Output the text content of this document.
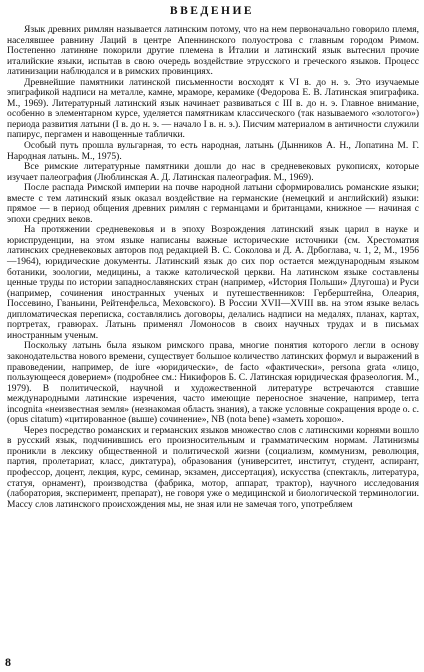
ВВЕДЕНИЕ

Язык древних римлян называется латинским потому, что на нем первоначально говорило племя, населявшее равнину Лаций в центре Апеннинского полуострова с главным городом Римом. Постепенно латиняне покорили другие племена в Италии и латинский язык вытеснил прочие италийские языки, испытав в свою очередь воздействие этрусского и греческого языков. Процесс латинизации наблюдался и в римских провинциях.

Древнейшие памятники латинской письменности восходят к VI в. до н. э. Это изучаемые эпиграфикой надписи на металле, камне, мраморе, керамике (Федорова Е. В. Латинская эпиграфика. М., 1969). Литературный латинский язык начинает развиваться с III в. до н. э. Главное внимание, особенно в элементарном курсе, уделяется памятникам классического (так называемого «золотого») периода развития латыни (I в. до н. э. — начало I в. н. э.). Писчим материалом в античности служили папирус, пергамен и навощенные таблички.

Особый путь прошла вульгарная, то есть народная, латынь (Дынников А. Н., Лопатина М. Г. Народная латынь. М., 1975).

Все римские литературные памятники дошли до нас в средневековых рукописях, которые изучает палеография (Люблинская А. Д. Латинская палеография. М., 1969).

После распада Римской империи на почве народной латыни сформировались романские языки; вместе с тем латинский язык оказал воздействие на германские (немецкий и английский) языки: прямое — в период общения древних римлян с германцами и британцами, книжное — начиная с эпохи средних веков.

На протяжении средневековья и в эпоху Возрождения латинский язык царил в науке и юриспруденции, на этом языке написаны важные исторические источники (см. Хрестоматия латинских средневековых авторов под редакцией В. С. Соколова и Д. А. Дрбоглава, ч. 1, 2, М., 1956—1964), юридические документы. Латинский язык до сих пор остается международным языком ботаники, зоологии, медицины, а также католической церкви. На латинском языке составлены ценные труды по истории западнославянских стран (например, «История Польши» Длугоша) и Руси (например, сочинения иностранных ученых и путешественников: Герберштейна, Олеария, Поссевино, Гваньини, Рейтенфельса, Меховского). В России XVII—XVIII вв. на этом языке велась дипломатическая переписка, составлялись договоры, делались надписи на медалях, планах, картах, портретах, гравюрах. Латынь применял Ломоносов в своих научных трудах и в письмах иностранным ученым.

Поскольку латынь была языком римского права, многие понятия которого легли в основу законодательства нового времени, существует большое количество латинских формул и выражений в правоведении, например, de iure «юридически», de facto «фактически», persona grata «лицо, пользующееся доверием» (подробнее см.: Никифоров Б. С. Латинская юридическая фразеология. М., 1979). В политической, научной и художественной литературе встречаются ставшие международными латинские изречения, часто имеющие переносное значение, например, terra incognita «неизвестная земля» (незнакомая область знания), а также условные сокращения вроде о. с. (opus citatum) «цитированное (выше) сочинение», NB (nota bene) «заметь хорошо».

Через посредство романских и германских языков множество слов с латинскими корнями вошло в русский язык, подчинившись его произносительным и грамматическим нормам. Латинизмы проникли в лексику общественной и политической жизни (социализм, коммунизм, революция, партия, пролетариат, класс, диктатура), образования (университет, институт, студент, аспирант, профессор, доцент, лекция, курс, семинар, экзамен, диссертация), искусства (спектакль, литература, статуя, орнамент), производства (фабрика, мотор, аппарат, трактор), научного исследования (лаборатория, эксперимент, препарат), не говоря уже о медицинской и биологической терминологии. Массу слов латинского происхождения мы, не зная или не замечая того, употребляем

8
